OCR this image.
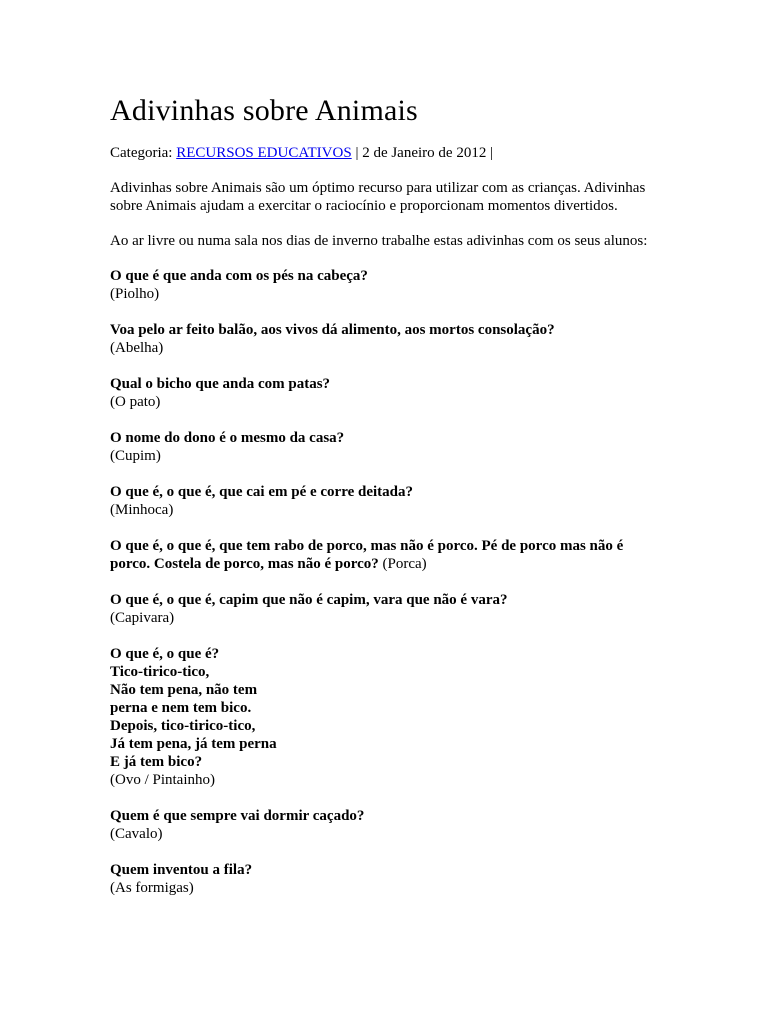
Adivinhas sobre Animais
Categoria: RECURSOS EDUCATIVOS | 2 de Janeiro de 2012 |

Adivinhas sobre Animais são um óptimo recurso para utilizar com as crianças. Adivinhas sobre Animais ajudam a exercitar o raciocínio e proporcionam momentos divertidos.

Ao ar livre ou numa sala nos dias de inverno trabalhe estas adivinhas com os seus alunos:

O que é que anda com os pés na cabeça?
(Piolho)
Voa pelo ar feito balão, aos vivos dá alimento, aos mortos consolação?
(Abelha)
Qual o bicho que anda com patas?
(O pato)
O nome do dono é o mesmo da casa?
(Cupim)
O que é, o que é, que cai em pé e corre deitada?
(Minhoca)
O que é, o que é, que tem rabo de porco, mas não é porco. Pé de porco mas não é porco. Costela de porco, mas não é porco? (Porca)
O que é, o que é, capim que não é capim, vara que não é vara?
(Capivara)
O que é, o que é?
Tico-tirico-tico,
Não tem pena, não tem
perna e nem tem bico.
Depois, tico-tirico-tico,
Já tem pena, já tem perna
E já tem bico?
(Ovo / Pintainho)
Quem é que sempre vai dormir caçado?
(Cavalo)
Quem inventou a fila?
(As formigas)
